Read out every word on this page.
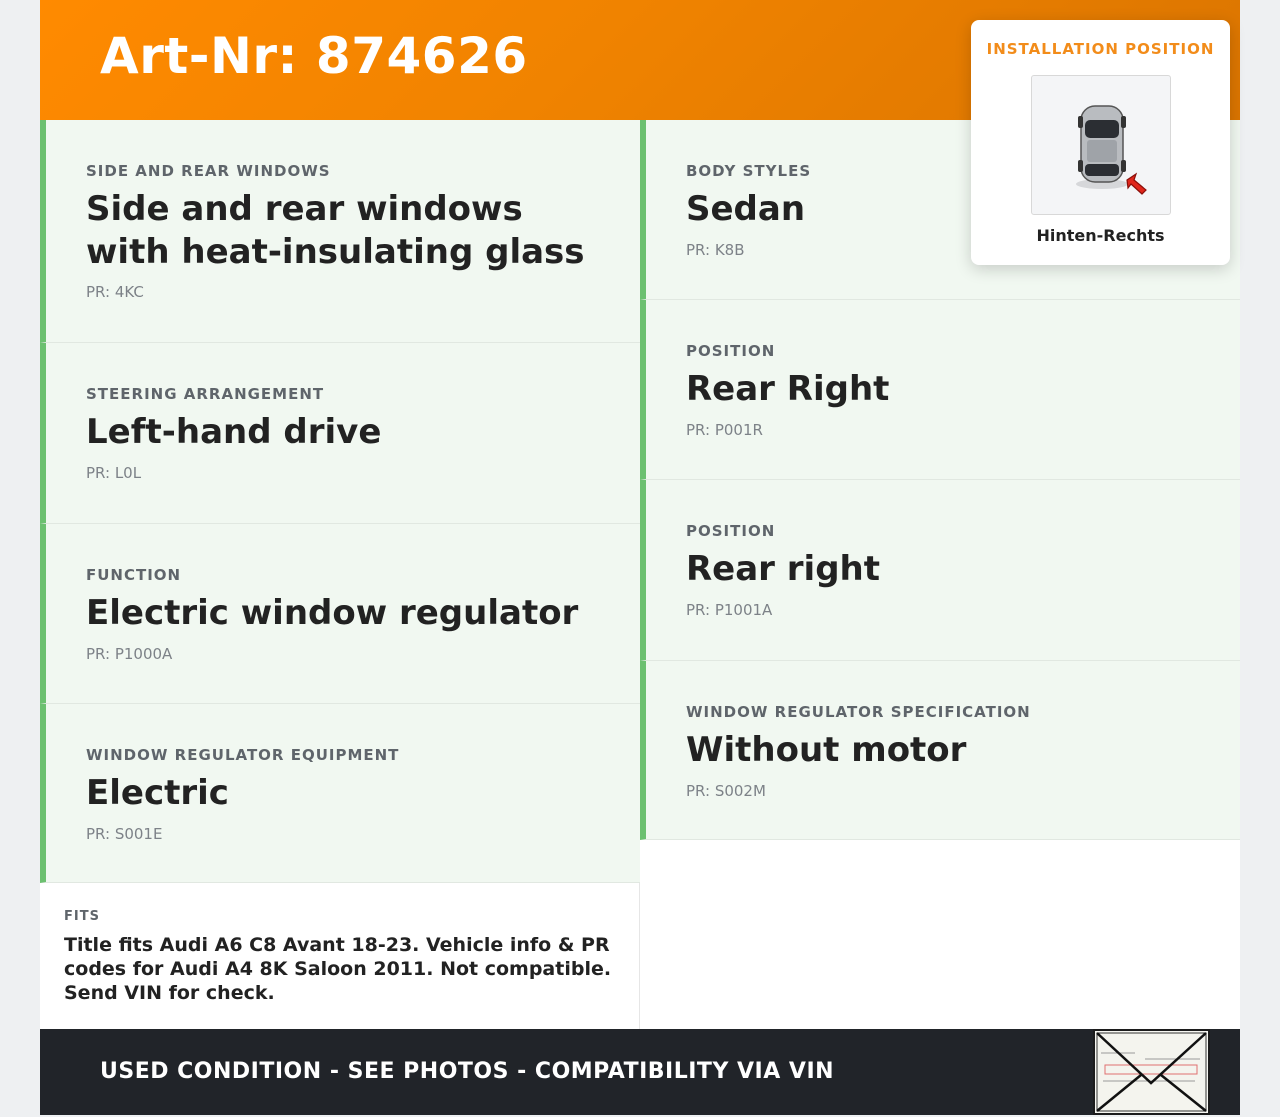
Art-Nr: 874626
SIDE AND REAR WINDOWS
Side and rear windows with heat-insulating glass
PR: 4KC
STEERING ARRANGEMENT
Left-hand drive
PR: L0L
FUNCTION
Electric window regulator
PR: P1000A
WINDOW REGULATOR EQUIPMENT
Electric
PR: S001E
BODY STYLES
Sedan
PR: K8B
POSITION
Rear Right
PR: P001R
POSITION
Rear right
PR: P1001A
WINDOW REGULATOR SPECIFICATION
Without motor
PR: S002M
FITS
Title fits Audi A6 C8 Avant 18-23. Vehicle info & PR codes for Audi A4 8K Saloon 2011. Not compatible. Send VIN for check.
INSTALLATION POSITION
Hinten-Rechts
USED CONDITION - SEE PHOTOS - COMPATIBILITY VIA VIN
